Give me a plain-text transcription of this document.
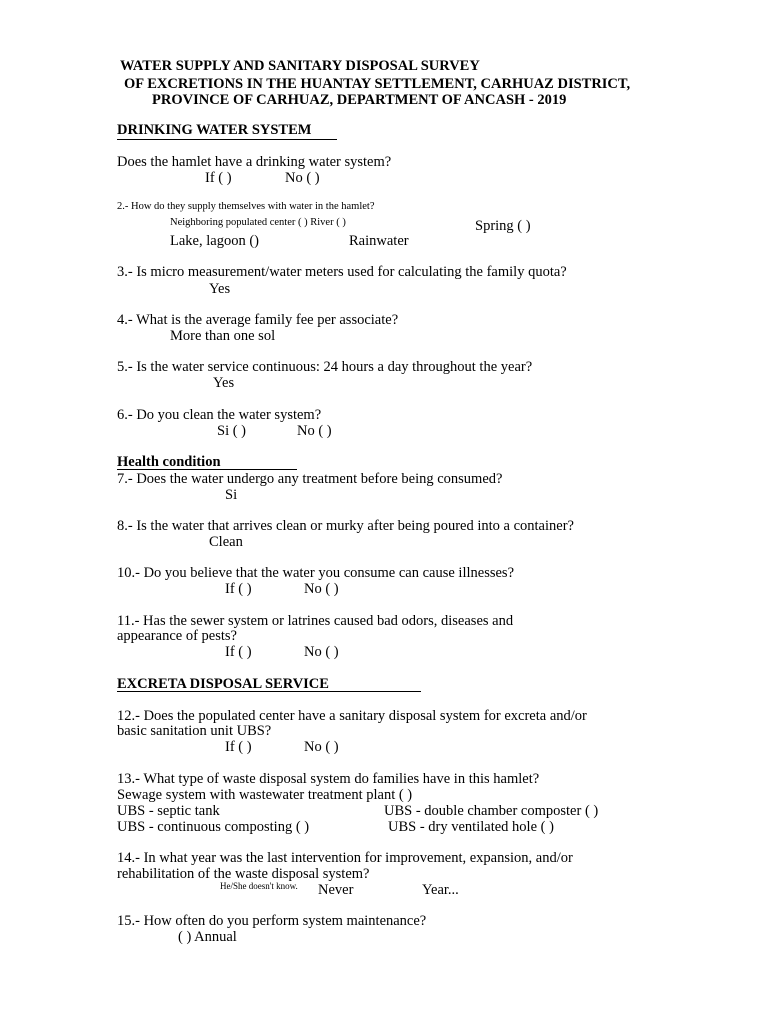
WATER SUPPLY AND SANITARY DISPOSAL SURVEY
OF EXCRETIONS IN THE HUANTAY SETTLEMENT, CARHUAZ DISTRICT,
PROVINCE OF CARHUAZ, DEPARTMENT OF ANCASH - 2019
DRINKING WATER SYSTEM
Does the hamlet have a drinking water system?
If ( )	No ( )
2.- How do they supply themselves with water in the hamlet?
Neighboring populated center ( ) River ( )	Spring ( )
Lake, lagoon ()	Rainwater
3.- Is micro measurement/water meters used for calculating the family quota?
Yes
4.- What is the average family fee per associate?
More than one sol
5.- Is the water service continuous: 24 hours a day throughout the year?
Yes
6.- Do you clean the water system?
Si ( )	No ( )
Health condition
7.- Does the water undergo any treatment before being consumed?
Si
8.- Is the water that arrives clean or murky after being poured into a container?
Clean
10.- Do you believe that the water you consume can cause illnesses?
If ( )	No ( )
11.- Has the sewer system or latrines caused bad odors, diseases and
appearance of pests?
If ( )	No ( )
EXCRETA DISPOSAL SERVICE
12.- Does the populated center have a sanitary disposal system for excreta and/or
basic sanitation unit UBS?
If ( )	No ( )
13.- What type of waste disposal system do families have in this hamlet?
Sewage system with wastewater treatment plant ( )
UBS - septic tank	UBS - double chamber composter ( )
UBS - continuous composting ( )	UBS - dry ventilated hole ( )
14.- In what year was the last intervention for improvement, expansion, and/or
rehabilitation of the waste disposal system?
He/She doesn't know. Never	Year...
15.- How often do you perform system maintenance?
( ) Annual
